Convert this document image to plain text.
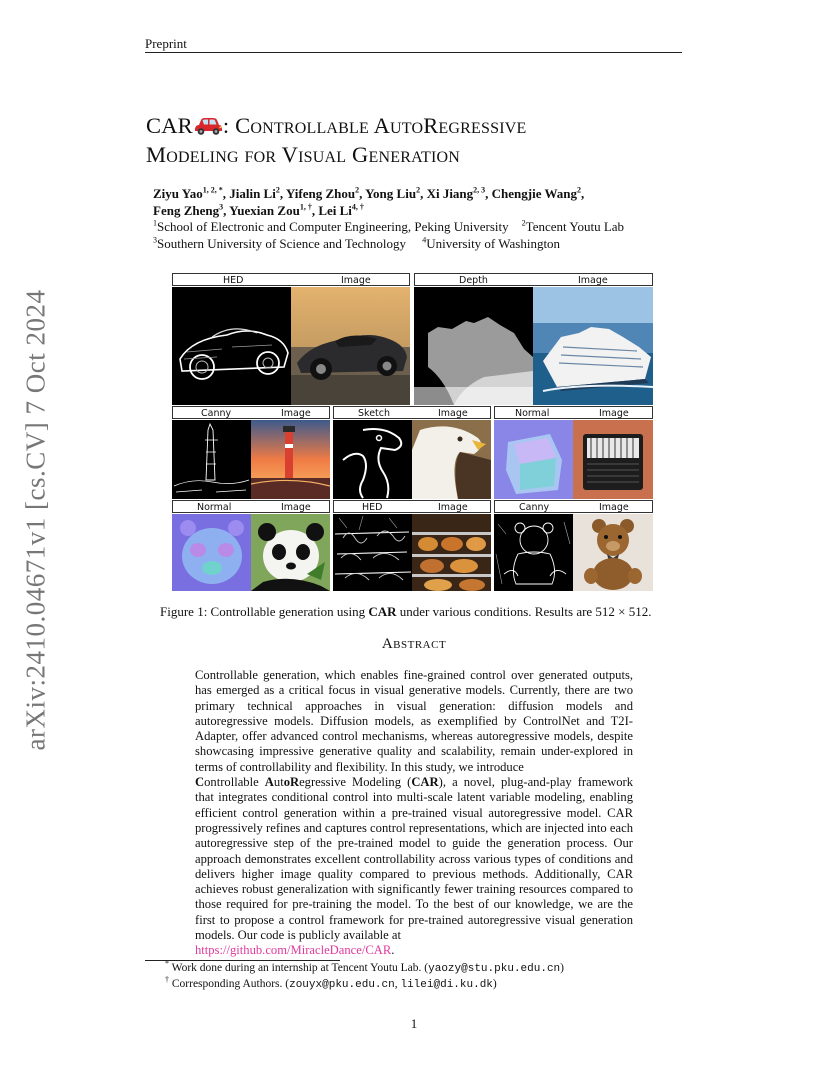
Preprint
arXiv:2410.04671v1 [cs.CV] 7 Oct 2024
CAR : Controllable AutoRegressive
Modeling for Visual Generation
Ziyu Yao$^{1, 2, *}$, Jialin Li$^2$, Yifeng Zhou$^2$, Yong Liu$^2$, Xi Jiang$^{2, 3}$, Chengjie Wang$^2$,
Feng Zheng$^3$, Yuexian Zou$^{1, \dagger}$, Lei $Li^{4, \dagger}$
$^1$School of Electronic and Computer Engineering, Peking University $^2$Tencent Youtu Lab
$^3$Southern University of Science and Technology $^4$University of Washington
HED	Image	Depth	Image
Canny	Image	Sketch	Image	Normal	Image
Normal	Image	HED	Image	Canny	Image
Figure 1: Controllable generation using CAR under various conditions. Results are 512 × 512.
Abstract
Controllable generation, which enables fine-grained control over generated outputs, has emerged as a critical focus in visual generative models. Currently, there are two primary technical approaches in visual generation: diffusion models and autoregressive models. Diffusion models, as exemplified by ControlNet and T2I-Adapter, offer advanced control mechanisms, whereas autoregressive models, despite showcasing impressive generative quality and scalability, remain under-explored in terms of controllability and flexibility. In this study, we introduce
Controllable AutoRegressive Modeling (CAR), a novel, plug-and-play framework that integrates conditional control into multi-scale latent variable modeling, enabling efficient control generation within a pre-trained visual autoregressive model. CAR progressively refines and captures control representations, which are injected into each autoregressive step of the pre-trained model to guide the generation process. Our approach demonstrates excellent controllability across various types of conditions and delivers higher image quality compared to previous methods. Additionally, CAR achieves robust generalization with significantly fewer training resources compared to those required for pre-training the model. To the best of our knowledge, we are the first to propose a control framework for pre-trained autoregressive visual generation models. Our code is publicly available at
https://github.com/MiracleDance/CAR.
* Work done during an internship at Tencent Youtu Lab. (yaozy@stu.pku.edu.cn)
† Corresponding Authors. (zouyx@pku.edu.cn, lilei@di.ku.dk)
1
